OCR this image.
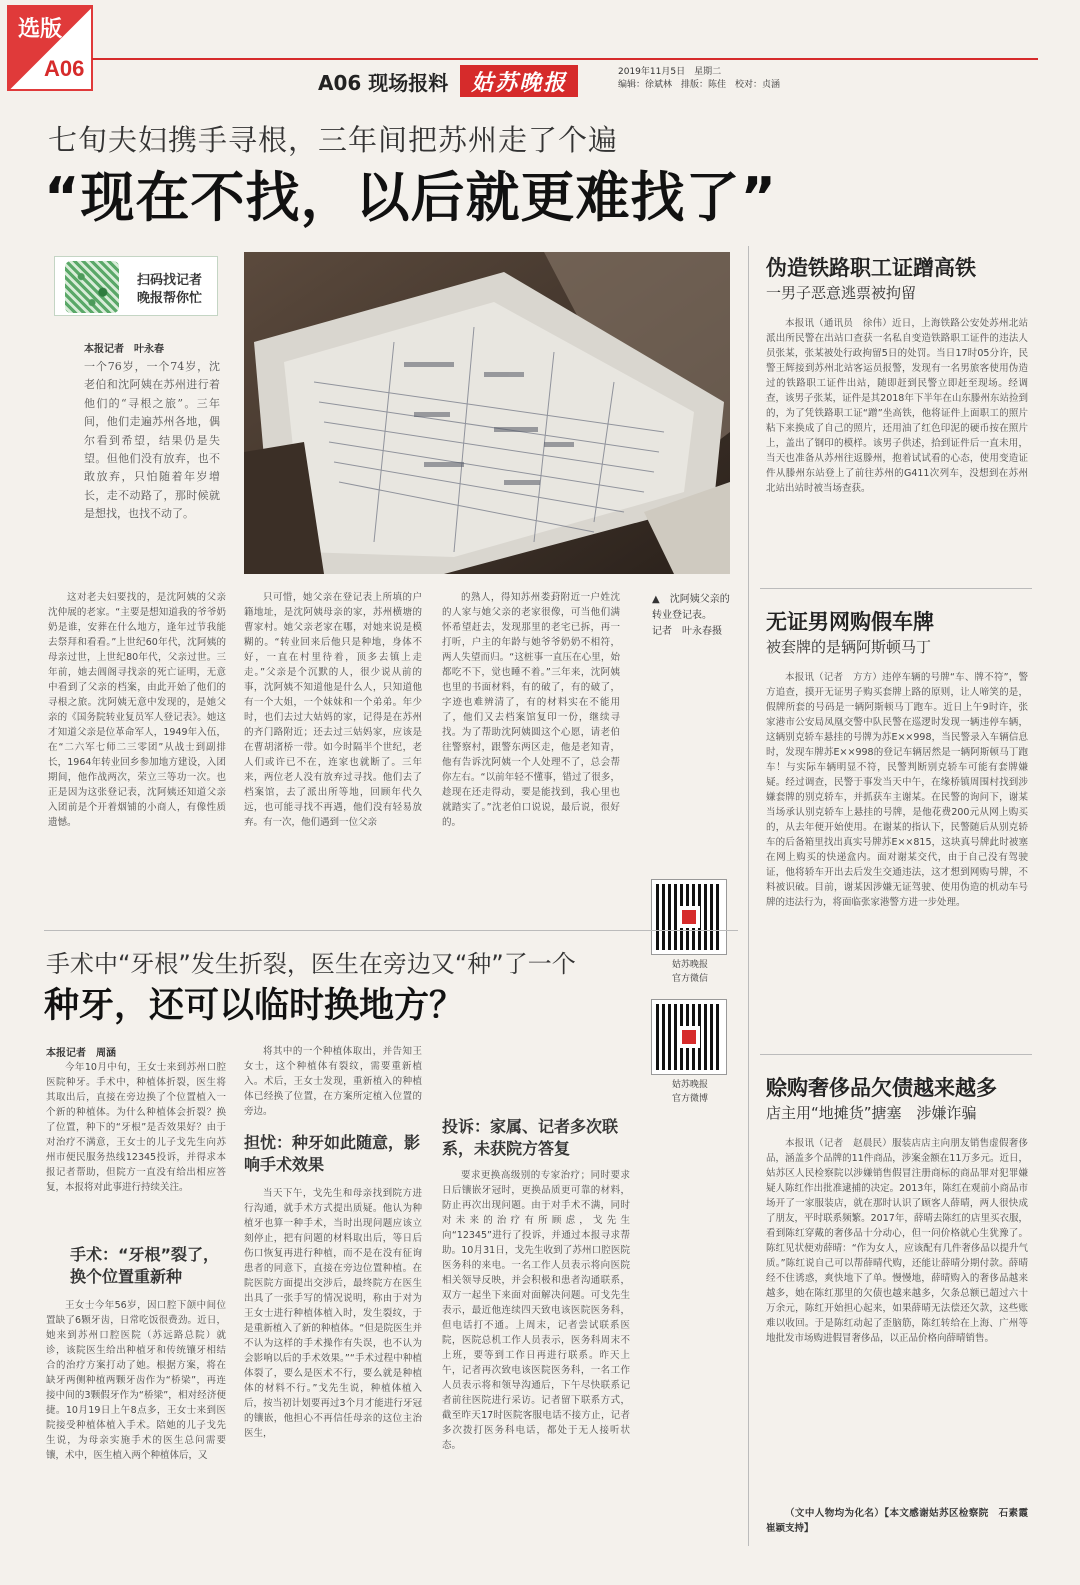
选版
A06
A06 现场报料	姑苏晚报	2019年11月5日　星期二
编辑：徐斌林　排版：陈佳　校对：贞涵
七旬夫妇携手寻根，三年间把苏州走了个遍
“现在不找，以后就更难找了”
扫码找记者
晚报帮你忙
本报记者　叶永春
一个76岁，一个74岁，沈老伯和沈阿姨在苏州进行着他们的“寻根之旅”。三年间，他们走遍苏州各地，偶尔看到希望，结果仍是失望。但他们没有放弃，也不敢放弃，只怕随着年岁增长，走不动路了，那时候就是想找，也找不动了。

这对老夫妇要找的，是沈阿姨的父亲沈仲展的老家。“主要是想知道我的爷爷奶奶是谁，安葬在什么地方，逢年过节我能去祭拜和看看。”上世纪60年代，沈阿姨的母亲过世，上世纪80年代，父亲过世。三年前，她去阊阁寻找亲的死亡证明，无意中看到了父亲的档案，由此开始了他们的寻根之旅。沈阿姨无意中发现的，是她父亲的《国务院转业复员军人登记表》。她这才知道父亲是位革命军人，1949年入伍，在“二六军七师二三零团”从战士到副排长，1964年转业回乡参加地方建设，入团期间，他作战两次，荣立三等功一次。也正是因为这张登记表，沈阿姨还知道父亲入团前是个开着烟铺的小商人，有像性质遗憾。

只可惜，她父亲在登记表上所填的户籍地址，是沈阿姨母亲的家，苏州横塘的曹家村。她父亲老家在哪，对她来说是模糊的。“转业回来后他只是种地，身体不好，一直在村里待着，顶多去镇上走走。”父亲是个沉默的人，很少说从前的事，沈阿姨不知道他是什么人，只知道他有一个大姐，一个妹妹和一个弟弟。年少时，也们去过大姑妈的家，记得是在苏州的齐门路附近；还去过三姑妈家，应该是在曹胡渚桥一带。如今时隔半个世纪，老人们或许已不在，连家也就断了。三年来，两位老人没有放弃过寻找。他们去了档案馆，去了派出所等地，回顾年代久远，也可能寻找不再遇，他们没有轻易放弃。有一次，他们遇到一位父亲

的熟人，得知苏州娄葑附近一户姓沈的人家与她父亲的老家很像，可当他们满怀希望赶去，发现那里的老宅已拆，再一打听，户主的年龄与她爷爷奶奶不相符，两人失望而归。“这桩事一直压在心里，始都吃不下，觉也睡不着。”三年来，沈阿姨也里的书面材料，有的破了，有的破了，字迹也难辨清了，有的材料实在不能用了，他们又去档案馆复印一份，继续寻找。为了帮助沈阿姨圆这个心愿，请老伯往警察村，跟警东两区走，他是老知青，他有告诉沈阿姨一个人处理不了，总会帮你左右。“以前年轻不懂事，错过了很多，趁现在还走得动，要是能找到，我心里也就踏实了。”沈老伯口说说，最后说，很好的。

▲　沈阿姨父亲的转业登记表。　　记者　叶永春摄
姑苏晚报
官方微信
姑苏晚报
官方微博
伪造铁路职工证蹭高铁
一男子恶意逃票被拘留

本报讯（通讯员　徐伟）近日，上海铁路公安处苏州北站派出所民警在出站口查获一名私自变造铁路职工证件的违法人员张某，张某被处行政拘留5日的处罚。当日17时05分许，民警王辉接到苏州北站客运员报警，发现有一名男旅客使用伪造过的铁路职工证件出站，随即赶到民警立即赶至现场。经调查，该男子张某，证件是其2018年下半年在山东滕州东站捡到的，为了凭铁路职工证“蹭”坐高铁，他将证件上面职工的照片粘下来换成了自己的照片，还用油了红色印泥的硬币按在照片上，盖出了钢印的模样。该男子供述，拾到证件后一直未用，当天也准备从苏州往返滕州，抱着试试看的心态，使用变造证件从滕州东站登上了前往苏州的G411次列车，没想到在苏州北站出站时被当场查获。

无证男网购假车牌
被套牌的是辆阿斯顿马丁

本报讯（记者　方方）违停车辆的号牌“车、牌不符”，警方追查，摸开无证男子购买套牌上路的原则，让人啼笑的是，假牌所套的号码是一辆阿斯顿马丁跑车。近日上午9时许，张家港市公安局凤凰交警中队民警在巡逻时发现一辆违停车辆，这辆别克轿车悬挂的号牌为苏E××998，当民警录入车辆信息时，发现车牌苏E××998的登记车辆居然是一辆阿斯顿马丁跑车！与实际车辆明显不符，民警判断别克轿车可能有套牌嫌疑。经过调查，民警于事发当天中午，在缘桥镇周围村找到涉嫌套牌的别克轿车，并抓获车主谢某。在民警的询问下，谢某当场承认别克轿车上悬挂的号牌，是他花费200元从网上购买的，从去年便开始使用。在谢某的指认下，民警随后从别克轿车的后备箱里找出真实号牌苏E××815，这块真号牌此时被塞在网上购买的快递盒内。面对谢某交代，由于自己没有驾驶证，他将轿车开出去后发生交通违法，这才想到网购号牌，不料被识破。目前，谢某因涉嫌无证驾驶、使用伪造的机动车号牌的违法行为，将面临张家港警方进一步处理。

赊购奢侈品欠债越来越多
店主用“地摊货”搪塞　涉嫌诈骗

本报讯（记者　赵晨民）服装店店主向朋友销售虚假奢侈品，涵盖多个品牌的11件商品，涉案金额在11万多元。近日，姑苏区人民检察院以涉嫌销售假冒注册商标的商品罪对犯罪嫌疑人陈红作出批准逮捕的决定。2013年，陈红在观前小商品市场开了一家服装店，就在那时认识了顾客人薛晴，两人很快成了朋友，平时联系频繁。2017年，薛晴去陈红的店里买衣服，看到陈红穿戴的奢侈品十分动心，但一问价格就心生犹豫了。陈红见状便劝薛晴：“作为女人，应该配有几件奢侈品以提升气质。”陈红说自己可以帮薛晴代购，还能让薛晴分期付款。薛晴经不住诱惑，爽快地下了单。慢慢地，薛晴购入的奢侈品越来越多，她在陈红那里的欠债也越来越多，欠条总额已超过六十万余元，陈红开始担心起来，如果薛晴无法偿还欠款，这些账难以收回。于是陈红动起了歪脑筋，陈红转给在上海、广州等地批发市场购进假冒奢侈品，以正品价格向薛晴销售。

（文中人物均为化名）【本文感谢姑苏区检察院　石素霞　崔颖支持】

手术中“牙根”发生折裂，医生在旁边又“种”了一个
种牙，还可以临时换地方？
本报记者　周涵

今年10月中旬，王女士来到苏州口腔医院种牙。手术中，种植体折裂，医生将其取出后，直接在旁边换了个位置植入一个新的种植体。为什么种植体会折裂？换了位置，种下的“牙根”是否效果好？由于对治疗不满意，王女士的儿子戈先生向苏州市便民服务热线12345投诉，并得求本报记者帮助，但院方一直没有给出相应答复，本报将对此事进行持续关注。

手术：“牙根”裂了，换个位置重新种

王女士今年56岁，因口腔下颌中间位置缺了6颗牙齿，日常吃饭很费劲。近日，她来到苏州口腔医院（苏远路总院）就诊，该院医生给出种植牙和传统镶牙相结合的治疗方案打动了她。根据方案，将在缺牙两侧种植两颗牙齿作为“桥梁”，再连接中间的3颗假牙作为“桥梁”，相对经济便捷。10月19日上午8点多，王女士来到医院接受种植体植入手术。陪她的儿子戈先生说，为母亲实施手术的医生总问需要镶，术中，医生植入两个种植体后，又

将其中的一个种植体取出，并告知王女士，这个种植体有裂纹，需要重新植入。术后，王女士发现，重新植入的种植体已经换了位置，在方案所定植入位置的旁边。

担忧：种牙如此随意，影响手术效果

当天下午，戈先生和母亲找到院方进行沟通，就手术方式提出质疑。他认为种植牙也算一种手术，当时出现问题应该立刻停止，把有问题的材料取出后，等日后伤口恢复再进行种植，而不是在没有征询患者的同意下，直接在旁边位置种植。在院医院方面提出交涉后，最终院方在医生出具了一张手写的情况说明，称由于对为王女士进行种植体植入时，发生裂纹，于是重新植入了新的种植体。“但是院医生并不认为这样的手术操作有失误，也不认为会影响以后的手术效果。”“手术过程中种植体裂了，要么是医术不行，要么就是种植体的材料不行。”戈先生说，种植体植入后，按当初计划要再过3个月才能进行牙冠的镶嵌，他担心不再信任母亲的这位主治医生，

投诉：家属、记者多次联系，未获院方答复

要求更换高级别的专家治疗；同时要求日后镶嵌牙冠时，更换品质更可靠的材料，防止再次出现问题。由于对手术不满，同时对未来的治疗有所顾虑，戈先生向“12345”进行了投诉，并通过本报寻求帮助。10月31日，戈先生收到了苏州口腔医院医务科的来电。一名工作人员表示将向医院相关领导反映，并会积极和患者沟通联系，双方一起坐下来面对面解决问题。可戈先生表示，最近他连续四天致电该医院医务科，但电话打不通。上周末，记者尝试联系医院，医院总机工作人员表示，医务科周末不上班，要等到工作日再进行联系。昨天上午，记者再次致电该医院医务科，一名工作人员表示将和领导沟通后，下午尽快联系记者前往医院进行采访。记者留下联系方式，截至昨天17时医院客服电话不接方止，记者多次拨打医务科电话，都处于无人接听状态。
